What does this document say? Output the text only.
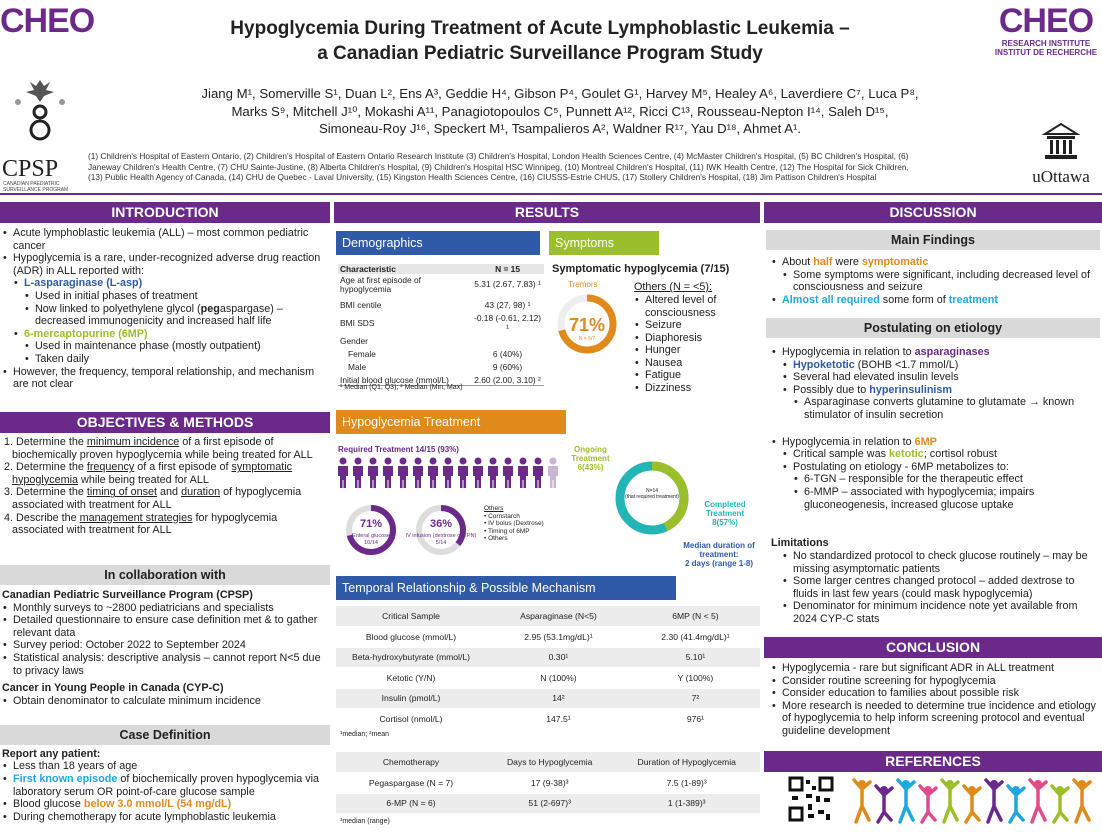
CHEO	CHEO
RESEARCH INSTITUTE
INSTITUT DE RECHERCHE
Hypoglycemia During Treatment of Acute Lymphoblastic Leukemia –
a Canadian Pediatric Surveillance Program Study
CPSP
CANADIAN PAEDIATRIC SURVEILLANCE PROGRAM
uOttawa
Jiang M¹, Somerville S¹, Duan L², Ens A³, Geddie H⁴, Gibson P⁴, Goulet G¹, Harvey M⁵, Healey A⁶, Laverdiere C⁷, Luca P⁸,
Marks S⁹, Mitchell J¹⁰, Mokashi A¹¹, Panagiotopoulos C⁵, Punnett A¹², Ricci C¹³, Rousseau-Nepton I¹⁴, Saleh D¹⁵,
Simoneau-Roy J¹⁶, Speckert M¹, Tsampalieros A², Waldner R¹⁷, Yau D¹⁸, Ahmet A¹.
(1) Children's Hospital of Eastern Ontario, (2) Children's Hospital of Eastern Ontario Research Institute (3) Children's Hospital, London Health Sciences Centre, (4) McMaster Children's Hospital, (5) BC Children's Hospital, (6)
Janeway Children's Health Centre, (7) CHU Sainte-Justine, (8) Alberta Children's Hospital, (9) Children's Hospital HSC Winnipeg, (10) Montreal Children's Hospital, (11) IWK Health Centre, (12) The Hospital for Sick Children,
(13) Public Health Agency of Canada, (14) CHU de Quebec - Laval University, (15) Kingston Health Sciences Centre, (16) CIUSSS-Estrie CHUS, (17) Stollery Children's Hospital, (18) Jim Pattison Children's Hospital
INTRODUCTION
• Acute lymphoblastic leukemia (ALL) – most common pediatric cancer
• Hypoglycemia is a rare, under-recognized adverse drug reaction (ADR) in ALL reported with:
• L-asparaginase (L-asp)
• Used in initial phases of treatment
• Now linked to polyethylene glycol (pegaspargase) – decreased immunogenicity and increased half life
• 6-mercaptopurine (6MP)
• Used in maintenance phase (mostly outpatient)
• Taken daily
• However, the frequency, temporal relationship, and mechanism are not clear
OBJECTIVES & METHODS
1. Determine the minimum incidence of a first episode of biochemically proven hypoglycemia while being treated for ALL
2. Determine the frequency of a first episode of symptomatic hypoglycemia while being treated for ALL
3. Determine the timing of onset and duration of hypoglycemia associated with treatment for ALL
4. Describe the management strategies for hypoglycemia associated with treatment for ALL
In collaboration with
Canadian Pediatric Surveillance Program (CPSP)
• Monthly surveys to ~2800 pediatricians and specialists
• Detailed questionnaire to ensure case definition met & to gather relevant data
• Survey period: October 2022 to September 2024
• Statistical analysis: descriptive analysis – cannot report N<5 due to privacy laws
Cancer in Young People in Canada (CYP-C)
• Obtain denominator to calculate minimum incidence
Case Definition
Report any patient:
• Less than 18 years of age
• First known episode of biochemically proven hypoglycemia via laboratory serum OR point-of-care glucose sample
• Blood glucose below 3.0 mmol/L (54 mg/dL)
• During chemotherapy for acute lymphoblastic leukemia
RESULTS
Demographics	Symptoms
Characteristic	N = 15
Age at first episode of hypoglycemia	5.31 (2.67, 7.83) ¹
BMI centile	43 (27, 98) ¹
BMI SDS	-0.18 (-0.61, 2.12) ¹
Gender	
Female	6 (40%)
Male	9 (60%)
Initial blood glucose (mmol/L)	2.60 (2.00, 3.10) ²
¹ Median (Q1, Q3); ² Median (Min, Max)
Symptomatic hypoglycemia (7/15)
Tremors
71%
N = 5/7
Others (N = <5):
• Altered level of consciousness
• Seizure
• Diaphoresis
• Hunger
• Nausea
• Fatigue
• Dizziness
Hypoglycemia Treatment
Required Treatment 14/15 (93%)	Ongoing Treatment
6(43%)
N=14
(that required treatment)
Completed Treatment
8(57%)
71%
Enteral glucose
10/14
36%
IV infusion (dextrose or TPN)
5/14
Others
• Cornstarch
• IV bolus (Dextrose)
• Timing of 6MP
• Others
Median duration of treatment:
2 days (range 1-8)
Temporal Relationship & Possible Mechanism
Critical Sample	Asparaginase (N<5)	6MP (N < 5)
Blood glucose (mmol/L)	2.95 (53.1mg/dL)¹	2.30 (41.4mg/dL)¹
Beta-hydroxybutyrate (mmol/L)	0.30¹	5.10¹
Ketotic (Y/N)	N (100%)	Y (100%)
Insulin (pmol/L)	14²	7²
Cortisol (nmol/L)	147.5¹	976¹
¹median; ²mean
Chemotherapy	Days to Hypoglycemia	Duration of Hypoglycemia
Pegaspargase (N = 7)	17 (9-38)³	7.5 (1-89)³
6-MP (N = 6)	51 (2-697)³	1 (1-389)³
³median (range)
DISCUSSION
Main Findings
• About half were symptomatic
• Some symptoms were significant, including decreased level of consciousness and seizure
• Almost all required some form of treatment
Postulating on etiology
• Hypoglycemia in relation to asparaginases
• Hypoketotic (BOHB <1.7 mmol/L)
• Several had elevated insulin levels
• Possibly due to hyperinsulinism
• Asparaginase converts glutamine to glutamate → known stimulator of insulin secretion
• Hypoglycemia in relation to 6MP
• Critical sample was ketotic; cortisol robust
• Postulating on etiology - 6MP metabolizes to:
• 6-TGN – responsible for the therapeutic effect
• 6-MMP – associated with hypoglycemia; impairs gluconeogenesis, increased glucose uptake
Limitations
• No standardized protocol to check glucose routinely – may be missing asymptomatic patients
• Some larger centres changed protocol – added dextrose to fluids in last few years (could mask hypoglycemia)
• Denominator for minimum incidence note yet available from 2024 CYP-C stats
CONCLUSION
• Hypoglycemia - rare but significant ADR in ALL treatment
• Consider routine screening for hypoglycemia
• Consider education to families about possible risk
• More research is needed to determine true incidence and etiology of hypoglycemia to help inform screening protocol and eventual guideline development
REFERENCES
